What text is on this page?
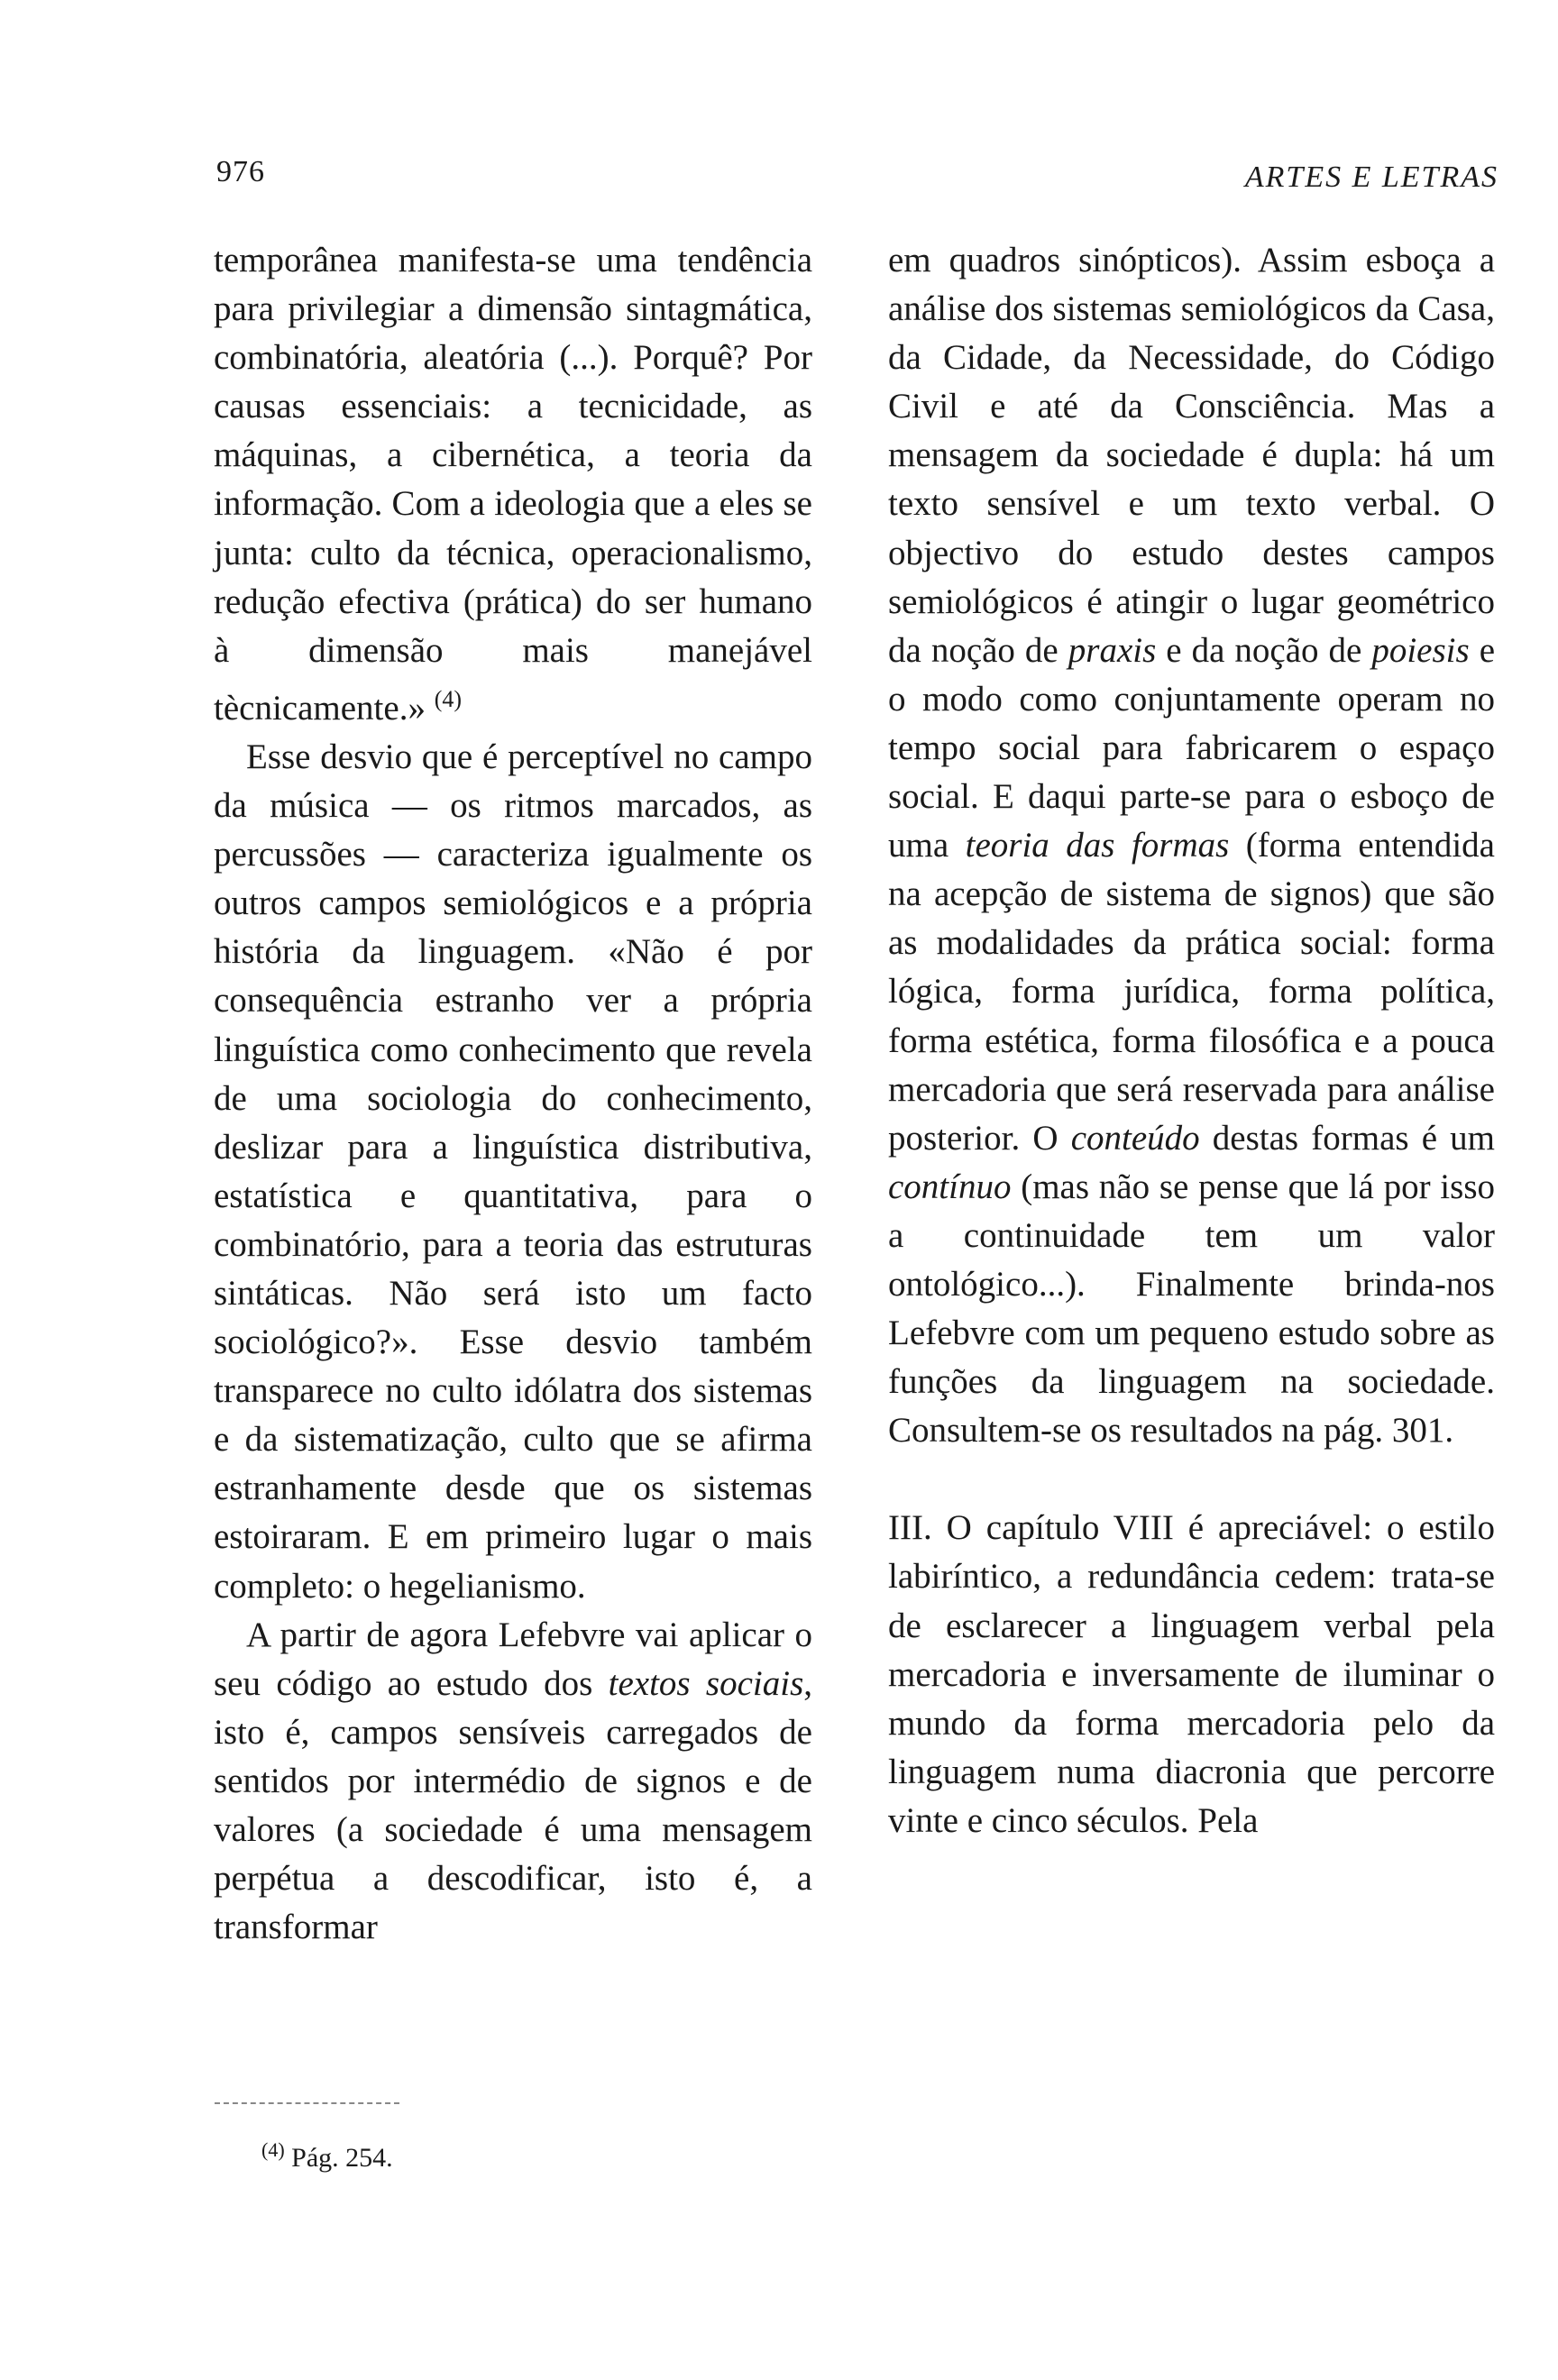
976	ARTES E LETRAS

temporânea manifesta-se uma tendência para privilegiar a dimensão sintagmática, combinatória, aleatória (...). Porquê? Por causas essenciais: a tecnicidade, as máquinas, a cibernética, a teoria da informação. Com a ideologia que a eles se junta: culto da técnica, operacionalismo, redução efectiva (prática) do ser humano à dimensão mais manejável tècnicamente.» $^{(4)}$

Esse desvio que é perceptível no campo da música — os ritmos marcados, as percussões — caracteriza igualmente os outros campos semiológicos e a própria história da linguagem. «Não é por consequência estranho ver a própria linguística como conhecimento que revela de uma sociologia do conhecimento, deslizar para a linguística distributiva, estatística e quantitativa, para o combinatório, para a teoria das estruturas sintáticas. Não será isto um facto sociológico?». Esse desvio também transparece no culto idólatra dos sistemas e da sistematização, culto que se afirma estranhamente desde que os sistemas estoiraram. E em primeiro lugar o mais completo: o hegelianismo.

A partir de agora Lefebvre vai aplicar o seu código ao estudo dos textos sociais, isto é, campos sensíveis carregados de sentidos por intermédio de signos e de valores (a sociedade é uma mensagem perpétua a descodificar, isto é, a transformar

em quadros sinópticos). Assim esboça a análise dos sistemas semiológicos da Casa, da Cidade, da Necessidade, do Código Civil e até da Consciência. Mas a mensagem da sociedade é dupla: há um texto sensível e um texto verbal. O objectivo do estudo destes campos semiológicos é atingir o lugar geométrico da noção de praxis e da noção de poiesis e o modo como conjuntamente operam no tempo social para fabricarem o espaço social. E daqui parte-se para o esboço de uma teoria das formas (forma entendida na acepção de sistema de signos) que são as modalidades da prática social: forma lógica, forma jurídica, forma política, forma estética, forma filosófica e a pouca mercadoria que será reservada para análise posterior. O conteúdo destas formas é um contínuo (mas não se pense que lá por isso a continuidade tem um valor ontológico...). Finalmente brinda-nos Lefebvre com um pequeno estudo sobre as funções da linguagem na sociedade. Consultem-se os resultados na pág. 301.

III. O capítulo VIII é apreciável: o estilo labiríntico, a redundância cedem: trata-se de esclarecer a linguagem verbal pela mercadoria e inversamente de iluminar o mundo da forma mercadoria pelo da linguagem numa diacronia que percorre vinte e cinco séculos. Pela

$^{(4)}$ Pág. 254.
